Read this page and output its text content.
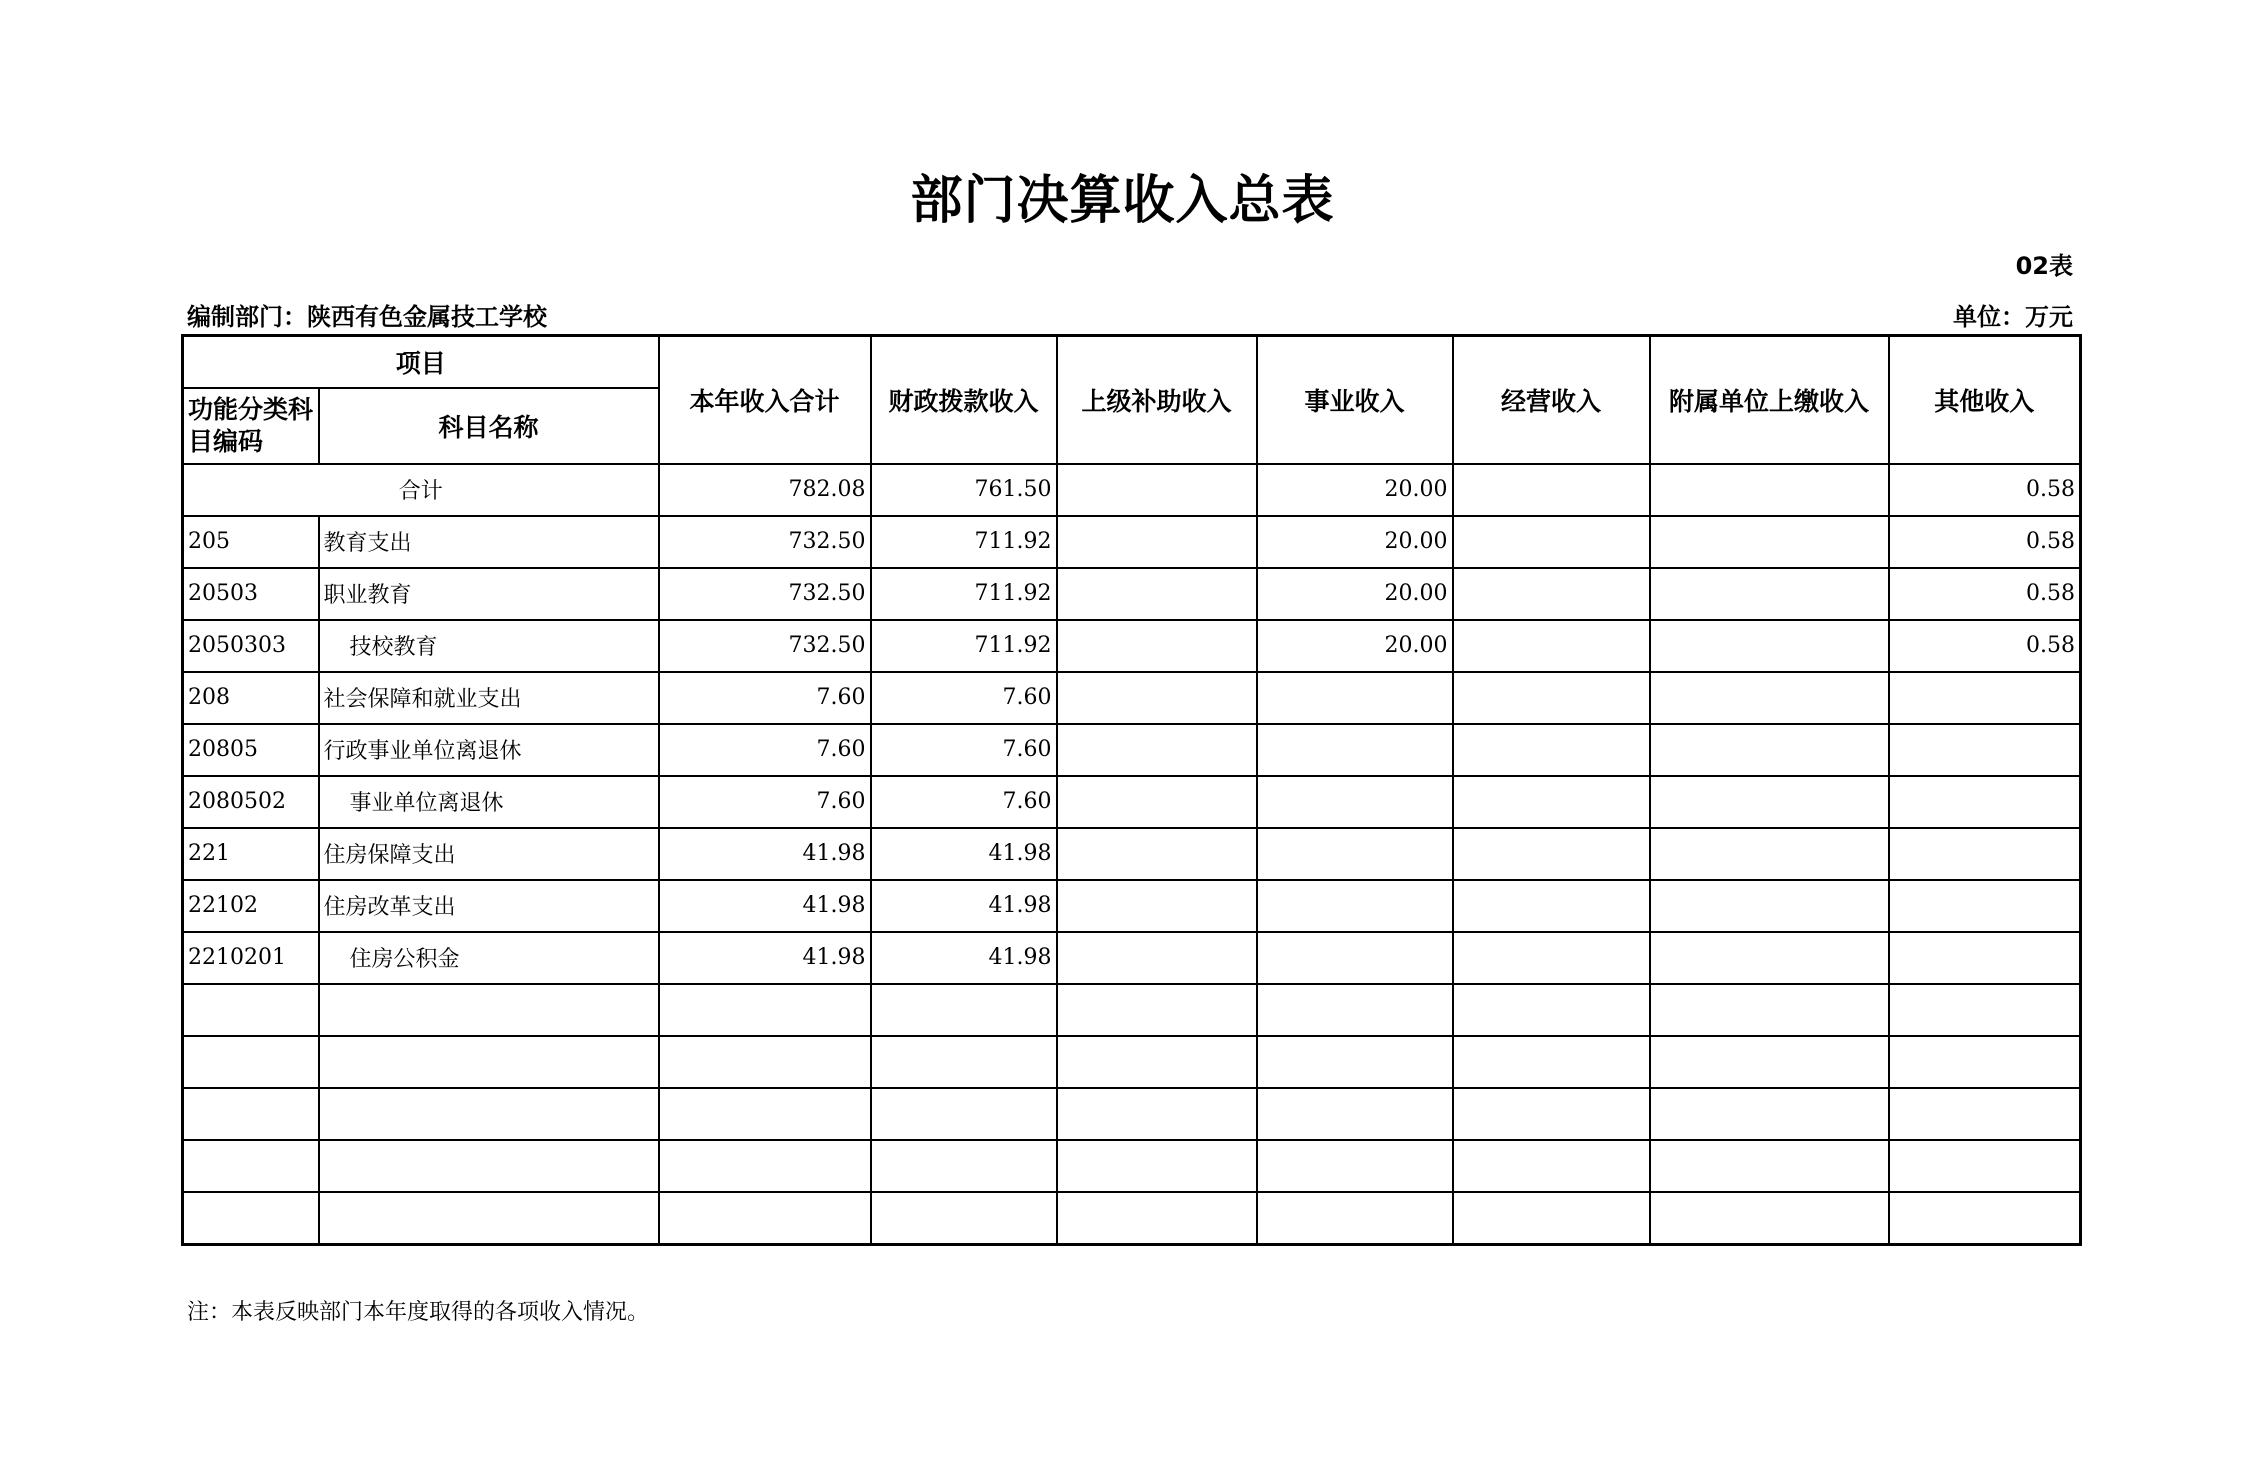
部门决算收入总表
02表
编制部门：陕西有色金属技工学校	单位：万元
项目		本年收入合计	财政拨款收入	上级补助收入	事业收入	经营收入	附属单位上缴收入	其他收入
功能分类科目编码	科目名称							
合计		782.08	761.50		20.00			0.58
205	教育支出	732.50	711.92		20.00			0.58
20503	职业教育	732.50	711.92		20.00			0.58
2050303	技校教育	732.50	711.92		20.00			0.58
208	社会保障和就业支出	7.60	7.60					
20805	行政事业单位离退休	7.60	7.60					
2080502	事业单位离退休	7.60	7.60					
221	住房保障支出	41.98	41.98					
22102	住房改革支出	41.98	41.98					
2210201	住房公积金	41.98	41.98					

注：本表反映部门本年度取得的各项收入情况。
